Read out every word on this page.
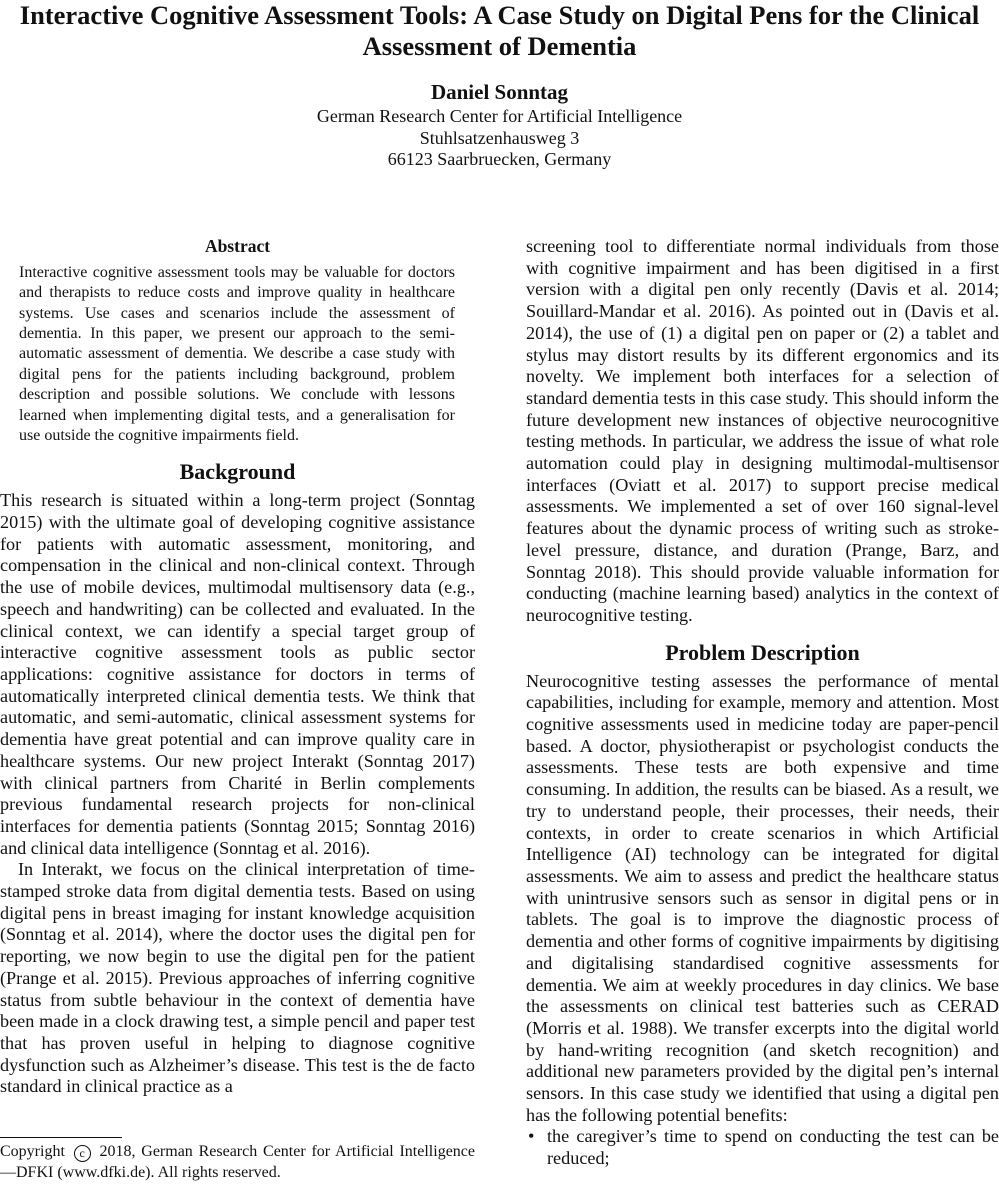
Interactive Cognitive Assessment Tools: A Case Study on Digital Pens for the Clinical Assessment of Dementia
Daniel Sonntag
German Research Center for Artificial Intelligence
Stuhlsatzenhausweg 3
66123 Saarbruecken, Germany
Abstract

Interactive cognitive assessment tools may be valuable for doctors and therapists to reduce costs and improve quality in healthcare systems. Use cases and scenarios include the assessment of dementia. In this paper, we present our approach to the semi-automatic assessment of dementia. We describe a case study with digital pens for the patients including background, problem description and possible solutions. We conclude with lessons learned when implementing digital tests, and a generalisation for use outside the cognitive impairments field.

Background

This research is situated within a long-term project (Sonntag 2015) with the ultimate goal of developing cognitive assistance for patients with automatic assessment, monitoring, and compensation in the clinical and non-clinical context. Through the use of mobile devices, multimodal multisensory data (e.g., speech and handwriting) can be collected and evaluated. In the clinical context, we can identify a special target group of interactive cognitive assessment tools as public sector applications: cognitive assistance for doctors in terms of automatically interpreted clinical dementia tests. We think that automatic, and semi-automatic, clinical assessment systems for dementia have great potential and can improve quality care in healthcare systems. Our new project Interakt (Sonntag 2017) with clinical partners from Charité in Berlin complements previous fundamental research projects for non-clinical interfaces for dementia patients (Sonntag 2015; Sonntag 2016) and clinical data intelligence (Sonntag et al. 2016).

In Interakt, we focus on the clinical interpretation of time-stamped stroke data from digital dementia tests. Based on using digital pens in breast imaging for instant knowledge acquisition (Sonntag et al. 2014), where the doctor uses the digital pen for reporting, we now begin to use the digital pen for the patient (Prange et al. 2015). Previous approaches of inferring cognitive status from subtle behaviour in the context of dementia have been made in a clock drawing test, a simple pencil and paper test that has proven useful in helping to diagnose cognitive dysfunction such as Alzheimer’s disease. This test is the de facto standard in clinical practice as a

Copyright c 2018, German Research Center for Artificial Intelligence—DFKI (www.dfki.de). All rights reserved.

screening tool to differentiate normal individuals from those with cognitive impairment and has been digitised in a first version with a digital pen only recently (Davis et al. 2014; Souillard-Mandar et al. 2016). As pointed out in (Davis et al. 2014), the use of (1) a digital pen on paper or (2) a tablet and stylus may distort results by its different ergonomics and its novelty. We implement both interfaces for a selection of standard dementia tests in this case study. This should inform the future development new instances of objective neurocognitive testing methods. In particular, we address the issue of what role automation could play in designing multimodal-multisensor interfaces (Oviatt et al. 2017) to support precise medical assessments. We implemented a set of over 160 signal-level features about the dynamic process of writing such as stroke-level pressure, distance, and duration (Prange, Barz, and Sonntag 2018). This should provide valuable information for conducting (machine learning based) analytics in the context of neurocognitive testing.

Problem Description

Neurocognitive testing assesses the performance of mental capabilities, including for example, memory and attention. Most cognitive assessments used in medicine today are paper-pencil based. A doctor, physiotherapist or psychologist conducts the assessments. These tests are both expensive and time consuming. In addition, the results can be biased. As a result, we try to understand people, their processes, their needs, their contexts, in order to create scenarios in which Artificial Intelligence (AI) technology can be integrated for digital assessments. We aim to assess and predict the healthcare status with unintrusive sensors such as sensor in digital pens or in tablets. The goal is to improve the diagnostic process of dementia and other forms of cognitive impairments by digitising and digitalising standardised cognitive assessments for dementia. We aim at weekly procedures in day clinics. We base the assessments on clinical test batteries such as CERAD (Morris et al. 1988). We transfer excerpts into the digital world by hand-writing recognition (and sketch recognition) and additional new parameters provided by the digital pen’s internal sensors. In this case study we identified that using a digital pen has the following potential benefits:

• the caregiver’s time to spend on conducting the test can be reduced;
